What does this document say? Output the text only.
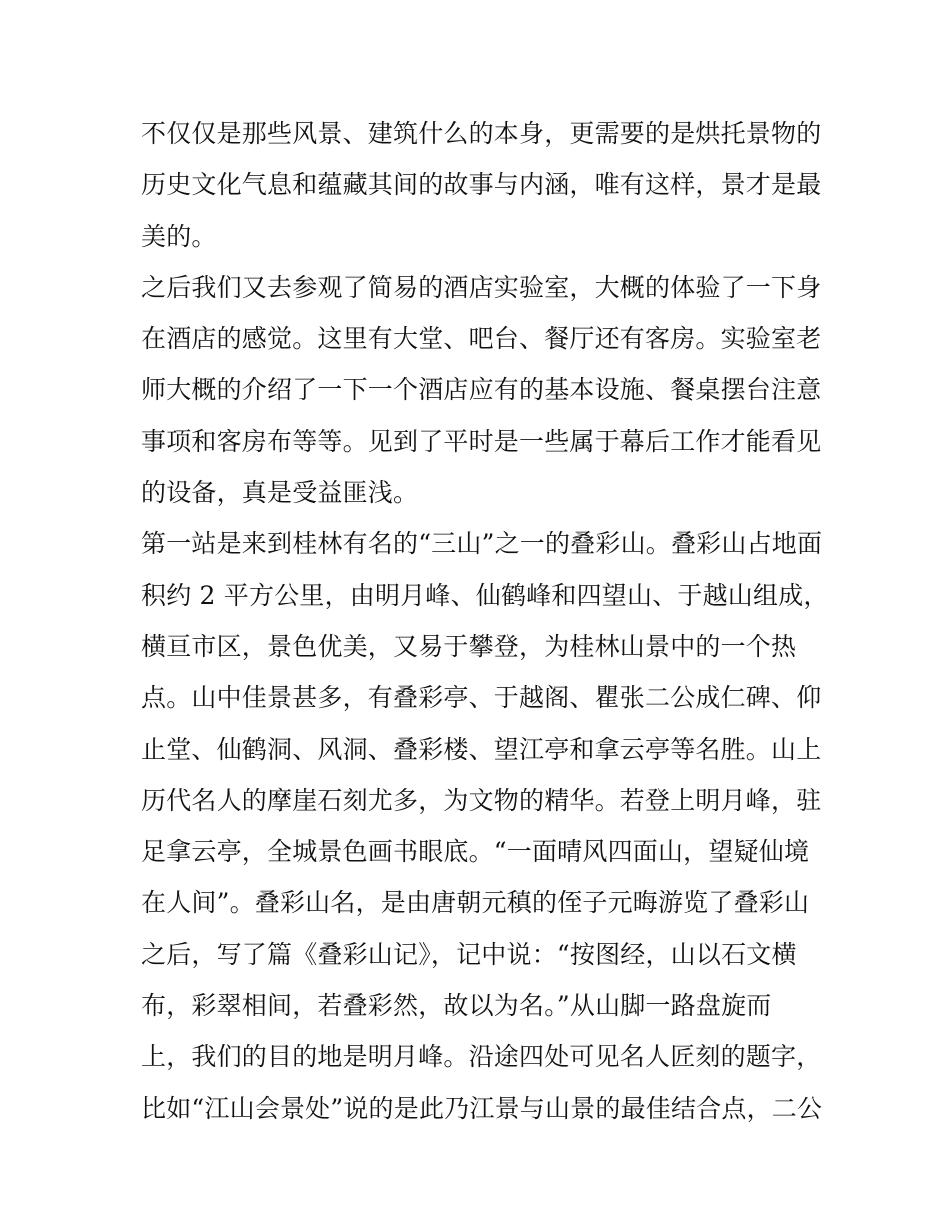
不仅仅是那些风景、建筑什么的本身，更需要的是烘托景物的
历史文化气息和蕴藏其间的故事与内涵，唯有这样，景才是最
美的。
之后我们又去参观了简易的酒店实验室，大概的体验了一下身
在酒店的感觉。这里有大堂、吧台、餐厅还有客房。实验室老
师大概的介绍了一下一个酒店应有的基本设施、餐桌摆台注意
事项和客房布等等。见到了平时是一些属于幕后工作才能看见
的设备，真是受益匪浅。
第一站是来到桂林有名的“三山”之一的叠彩山。叠彩山占地面
积约 2 平方公里，由明月峰、仙鹤峰和四望山、于越山组成，
横亘市区，景色优美，又易于攀登，为桂林山景中的一个热
点。山中佳景甚多，有叠彩亭、于越阁、瞿张二公成仁碑、仰
止堂、仙鹤洞、风洞、叠彩楼、望江亭和拿云亭等名胜。山上
历代名人的摩崖石刻尤多，为文物的精华。若登上明月峰，驻
足拿云亭，全城景色画书眼底。“一面晴风四面山，望疑仙境
在人间”。叠彩山名，是由唐朝元稹的侄子元晦游览了叠彩山
之后，写了篇《叠彩山记》，记中说：“按图经，山以石文横
布，彩翠相间，若叠彩然，故以为名。”从山脚一路盘旋而
上，我们的目的地是明月峰。沿途四处可见名人匠刻的题字，
比如“江山会景处”说的是此乃江景与山景的最佳结合点，二公
